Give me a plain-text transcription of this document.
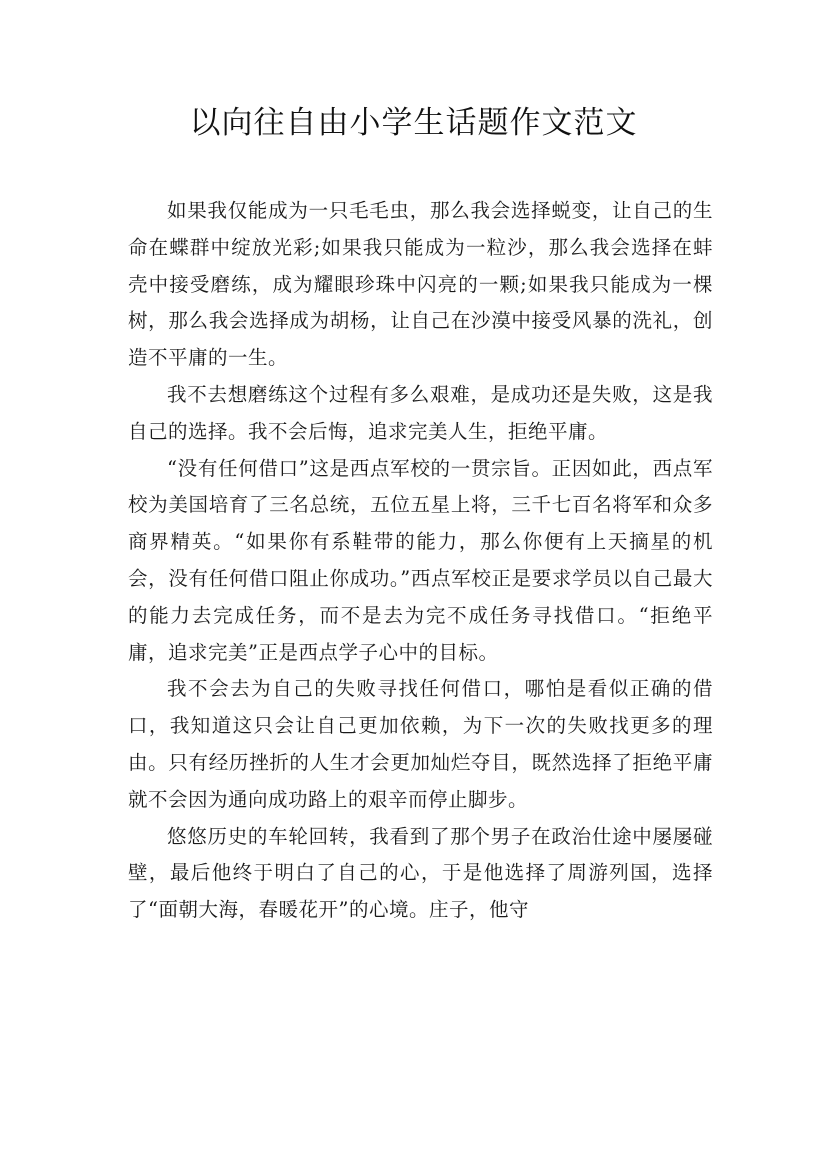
以向往自由小学生话题作文范文

如果我仅能成为一只毛毛虫，那么我会选择蜕变，让自己的生命在蝶群中绽放光彩;如果我只能成为一粒沙，那么我会选择在蚌壳中接受磨练，成为耀眼珍珠中闪亮的一颗;如果我只能成为一棵树，那么我会选择成为胡杨，让自己在沙漠中接受风暴的洗礼，创造不平庸的一生。

我不去想磨练这个过程有多么艰难，是成功还是失败，这是我自己的选择。我不会后悔，追求完美人生，拒绝平庸。

“没有任何借口”这是西点军校的一贯宗旨。正因如此，西点军校为美国培育了三名总统，五位五星上将，三千七百名将军和众多商界精英。“如果你有系鞋带的能力，那么你便有上天摘星的机会，没有任何借口阻止你成功。”西点军校正是要求学员以自己最大的能力去完成任务，而不是去为完不成任务寻找借口。“拒绝平庸，追求完美”正是西点学子心中的目标。

我不会去为自己的失败寻找任何借口，哪怕是看似正确的借口，我知道这只会让自己更加依赖，为下一次的失败找更多的理由。只有经历挫折的人生才会更加灿烂夺目，既然选择了拒绝平庸就不会因为通向成功路上的艰辛而停止脚步。

悠悠历史的车轮回转，我看到了那个男子在政治仕途中屡屡碰壁，最后他终于明白了自己的心，于是他选择了周游列国，选择了“面朝大海，春暖花开”的心境。庄子，他守
